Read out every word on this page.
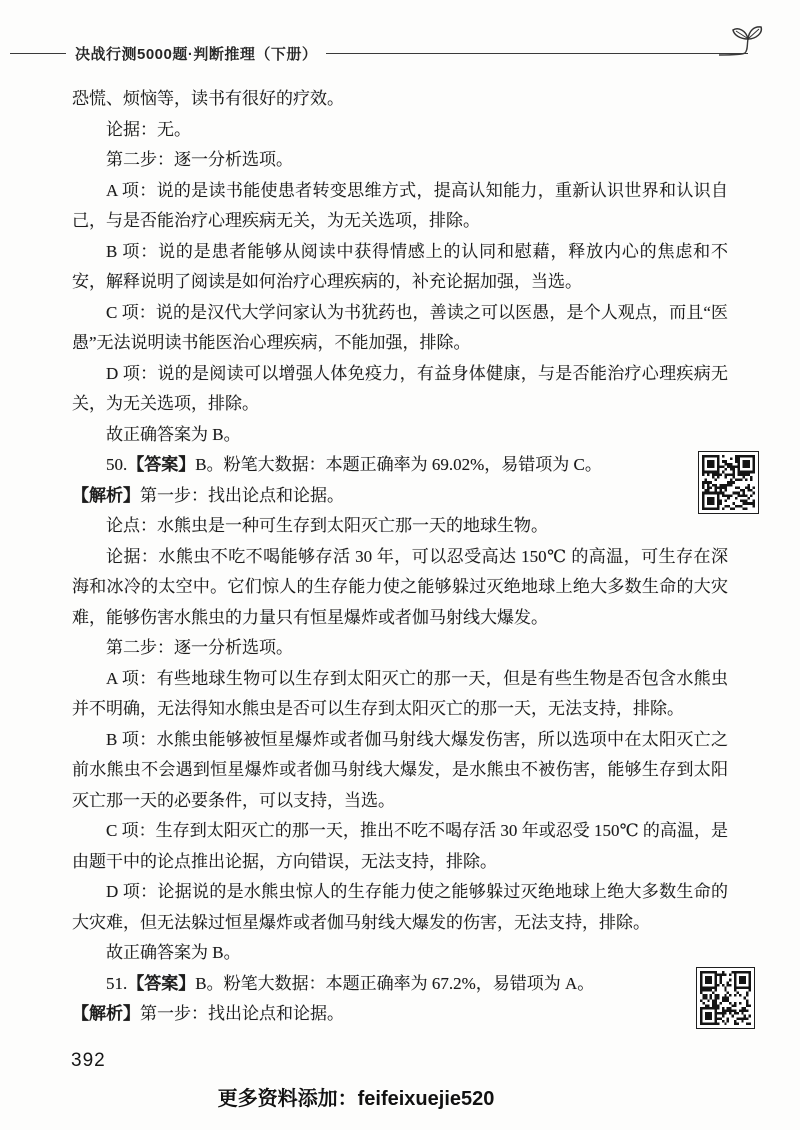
决战行测5000题·判断推理（下册）

恐慌、烦恼等，读书有很好的疗效。

论据：无。

第二步：逐一分析选项。

A 项：说的是读书能使患者转变思维方式，提高认知能力，重新认识世界和认识自己，与是否能治疗心理疾病无关，为无关选项，排除。

B 项：说的是患者能够从阅读中获得情感上的认同和慰藉，释放内心的焦虑和不安，解释说明了阅读是如何治疗心理疾病的，补充论据加强，当选。

C 项：说的是汉代大学问家认为书犹药也，善读之可以医愚，是个人观点，而且“医愚”无法说明读书能医治心理疾病，不能加强，排除。

D 项：说的是阅读可以增强人体免疫力，有益身体健康，与是否能治疗心理疾病无关，为无关选项，排除。

故正确答案为 B。

50.【答案】B。粉笔大数据：本题正确率为 69.02%，易错项为 C。

【解析】第一步：找出论点和论据。

论点：水熊虫是一种可生存到太阳灭亡那一天的地球生物。

论据：水熊虫不吃不喝能够存活 30 年，可以忍受高达 150℃ 的高温，可生存在深海和冰冷的太空中。它们惊人的生存能力使之能够躲过灭绝地球上绝大多数生命的大灾难，能够伤害水熊虫的力量只有恒星爆炸或者伽马射线大爆发。

第二步：逐一分析选项。

A 项：有些地球生物可以生存到太阳灭亡的那一天，但是有些生物是否包含水熊虫并不明确，无法得知水熊虫是否可以生存到太阳灭亡的那一天，无法支持，排除。

B 项：水熊虫能够被恒星爆炸或者伽马射线大爆发伤害，所以选项中在太阳灭亡之前水熊虫不会遇到恒星爆炸或者伽马射线大爆发，是水熊虫不被伤害，能够生存到太阳灭亡那一天的必要条件，可以支持，当选。

C 项：生存到太阳灭亡的那一天，推出不吃不喝存活 30 年或忍受 150℃ 的高温，是由题干中的论点推出论据，方向错误，无法支持，排除。

D 项：论据说的是水熊虫惊人的生存能力使之能够躲过灭绝地球上绝大多数生命的大灾难，但无法躲过恒星爆炸或者伽马射线大爆发的伤害，无法支持，排除。

故正确答案为 B。

51.【答案】B。粉笔大数据：本题正确率为 67.2%，易错项为 A。

【解析】第一步：找出论点和论据。

392
更多资料添加：feifeixuejie520
